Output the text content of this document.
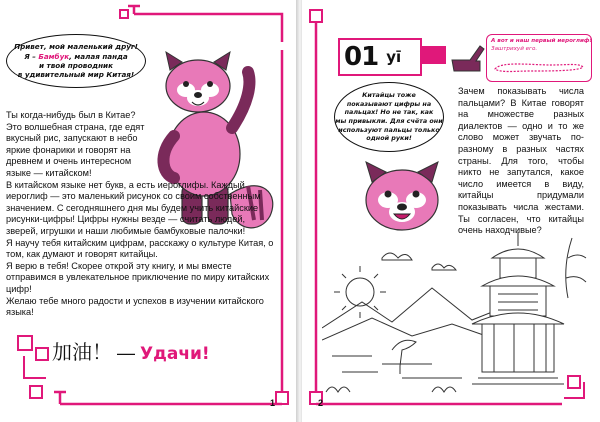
Привет, мой маленький друг!
Я – Бамбук, малая панда
и твой проводник
в удивительный мир Китая!

Ты когда-нибудь был в Китае?

Это волшебная страна, где едят вкусный рис, запускают в небо яркие фонарики и говорят на древнем и очень интересном языке — китайском!

В китайском языке нет букв, а есть иероглифы. Каждый иероглиф — это маленький рисунок со своим собственным значением. С сегодняшнего дня мы будем учить китайские рисунки-цифры! Цифры нужны везде — считать людей, зверей, игрушки и наши любимые бамбуковые палочки!

Я научу тебя китайским цифрам, расскажу о культуре Китая, о том, как думают и говорят китайцы.

Я верю в тебя! Скорее открой эту книгу, и мы вместе отправимся в увлекательное приключение по миру китайских цифр!

Желаю тебе много радости и успехов в изучении китайского языка!

加油！ — Удачи!
1
01 yī
А вот и наш первый иероглиф!
Заштрихуй его.
Китайцы тоже
показывают цифры на
пальцах! Но не так, как
мы привыкли. Для счёта они
используют пальцы только
одной руки!

Зачем показывать числа пальцами? В Китае говорят на множестве разных диалектов — одно и то же слово может звучать по-разному в разных частях страны. Для того, чтобы никто не запутался, какое число имеется в виду, китайцы придумали показывать числа жестами. Ты согласен, что китайцы очень находчивые?

2
